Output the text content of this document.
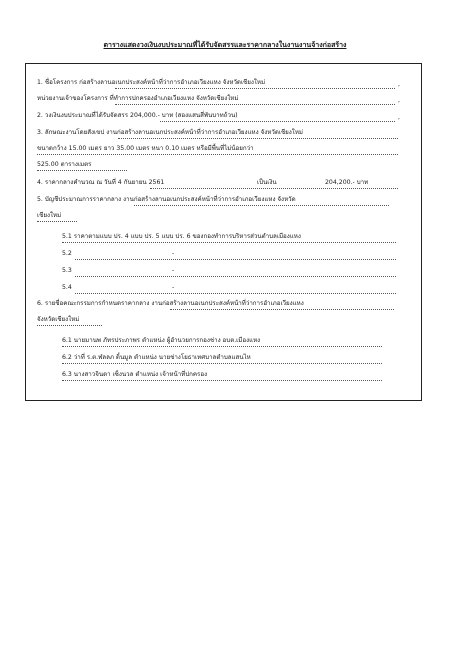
ตารางแสดงวงเงินงบประมาณที่ได้รับจัดสรรและราคากลางในงานงานจ้างก่อสร้าง
1. ชื่อโครงการ ก่อสร้างลานอเนกประสงค์หน้าที่ว่าการอำเภอเวียงแหง จังหวัดเชียงใหม่	,
หน่วยงานเจ้าของโครงการ ที่ทำการปกครองอำเภอเวียงแหง จังหวัดเชียงใหม่	,
2. วงเงินงบประมาณที่ได้รับจัดสรร 204,000.- บาท (สองแสนสี่พันบาทถ้วน)	,
3. ลักษณะงานโดยสังเขป งานก่อสร้างลานอเนกประสงค์หน้าที่ว่าการอำเภอเวียงแหง จังหวัดเชียงใหม่
ขนาดกว้าง 15.00 เมตร ยาว 35.00 เมตร หนา 0.10 เมตร หรือมีพื้นที่ไม่น้อยกว่า
525.00 ตารางเมตร
4. ราคากลางคำนวณ ณ วันที่ 4 กันยายน 2561	เป็นเงิน	204,200.- บาท
5. บัญชีประมาณการราคากลาง งานก่อสร้างลานอเนกประสงค์หน้าที่ว่าการอำเภอเวียงแหง จังหวัด
เชียงใหม่
5.1 ราคาตามแบบ ปร. 4 แบบ ปร. 5 แบบ ปร. 6 ของกองทำการบริหารส่วนตำบลเมืองแหง
5.2	-
5.3	-
5.4	-
6. รายชื่อคณะกรรมการกำหนดราคากลาง งานก่อสร้างลานอเนกประสงค์หน้าที่ว่าการอำเภอเวียงแหง
จังหวัดเชียงใหม่
6.1 นายมานพ ภัทรประภาพร ตำแหน่ง ผู้อำนวยการกองช่าง อบต.เมืองแหง
6.2 ว่าที่ ร.ต.ฬลลภ ดิ้นมูล ตำแหน่ง นายช่างโยธาเทศบาลตำบลแสนไห
6.3 นางสาวจินดา เซ็งนวล ตำแหน่ง เจ้าหน้าที่ปกครอง
